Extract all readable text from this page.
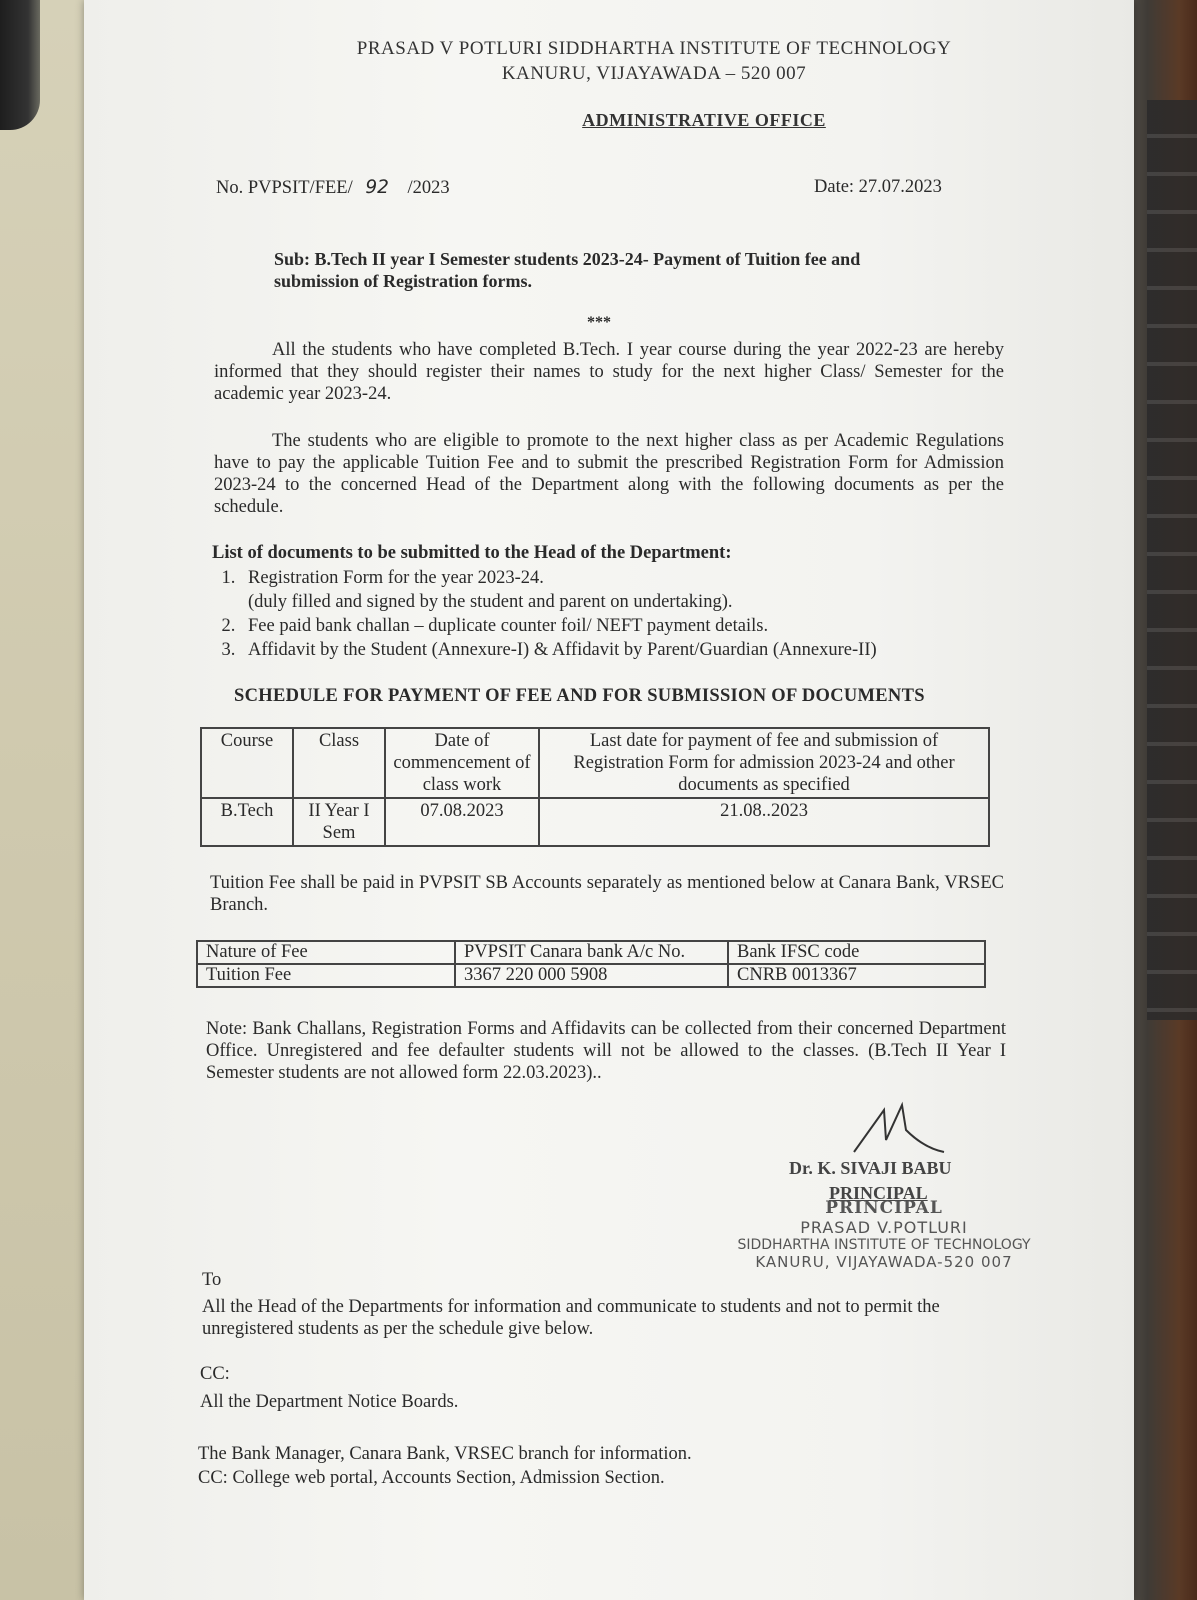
PRASAD V POTLURI SIDDHARTHA INSTITUTE OF TECHNOLOGY
KANURU, VIJAYAWADA – 520 007
ADMINISTRATIVE OFFICE
No. PVPSIT/FEE/ 92 /2023	Date: 27.07.2023
Sub: B.Tech II year I Semester students 2023-24- Payment of Tuition fee and
submission of Registration forms.
***
All the students who have completed B.Tech. I year course during the year 2022-23 are hereby informed that they should register their names to study for the next higher Class/ Semester for the academic year 2023-24.
The students who are eligible to promote to the next higher class as per Academic Regulations have to pay the applicable Tuition Fee and to submit the prescribed Registration Form for Admission 2023-24 to the concerned Head of the Department along with the following documents as per the schedule.
List of documents to be submitted to the Head of the Department:
1. Registration Form for the year 2023-24.
(duly filled and signed by the student and parent on undertaking).
2. Fee paid bank challan – duplicate counter foil/ NEFT payment details.
3. Affidavit by the Student (Annexure-I) & Affidavit by Parent/Guardian (Annexure-II)
SCHEDULE FOR PAYMENT OF FEE AND FOR SUBMISSION OF DOCUMENTS
Course	Class	Date of commencement of class work	Last date for payment of fee and submission of Registration Form for admission 2023-24 and other documents as specified
B.Tech	II Year I Sem	07.08.2023	21.08..2023
Tuition Fee shall be paid in PVPSIT SB Accounts separately as mentioned below at Canara Bank, VRSEC Branch.
Nature of Fee	PVPSIT Canara bank A/c No.	Bank IFSC code
Tuition Fee	3367 220 000 5908	CNRB 0013367
Note: Bank Challans, Registration Forms and Affidavits can be collected from their concerned Department Office. Unregistered and fee defaulter students will not be allowed to the classes. (B.Tech II Year I Semester students are not allowed form 22.03.2023)..
Dr. K. SIVAJI BABU
PRINCIPAL
PRINCIPAL
PRASAD V.POTLURI
SIDDHARTHA INSTITUTE OF TECHNOLOGY
KANURU, VIJAYAWADA-520 007
To
All the Head of the Departments for information and communicate to students and not to permit the unregistered students as per the schedule give below.
CC:
All the Department Notice Boards.
The Bank Manager, Canara Bank, VRSEC branch for information.
CC: College web portal, Accounts Section, Admission Section.
